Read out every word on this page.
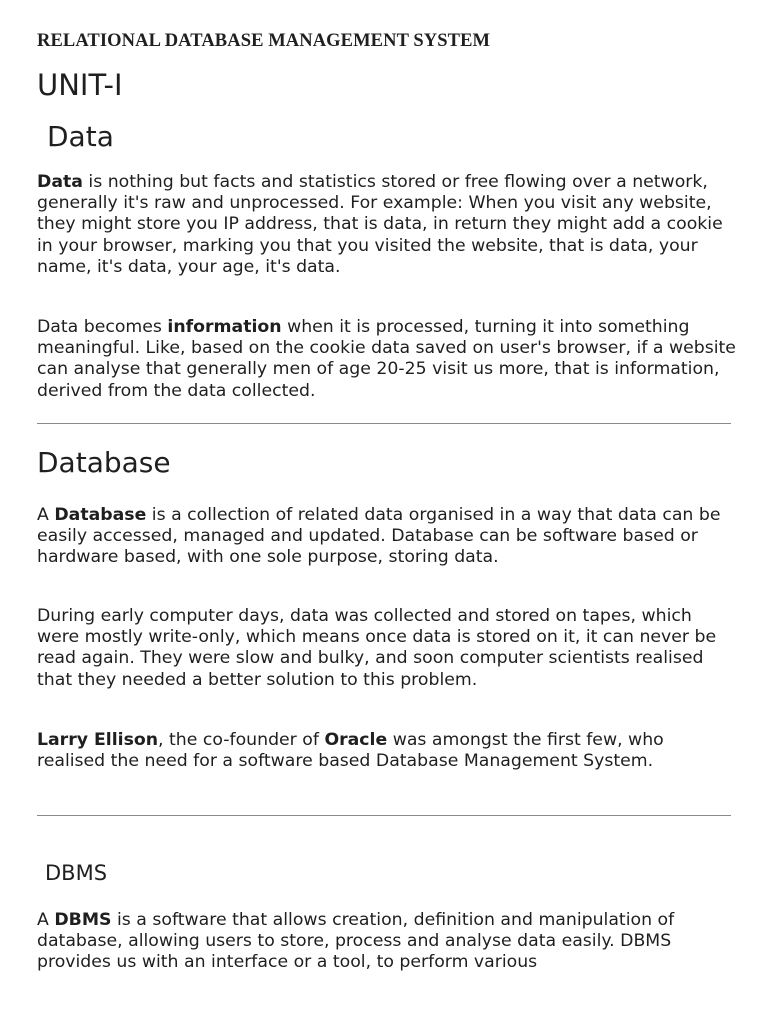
RELATIONAL DATABASE MANAGEMENT SYSTEM
UNIT-I
Data

Data is nothing but facts and statistics stored or free flowing over a network, generally it's raw and unprocessed. For example: When you visit any website, they might store you IP address, that is data, in return they might add a cookie in your browser, marking you that you visited the website, that is data, your name, it's data, your age, it's data.

Data becomes information when it is processed, turning it into something meaningful. Like, based on the cookie data saved on user's browser, if a website can analyse that generally men of age 20-25 visit us more, that is information, derived from the data collected.

Database

A Database is a collection of related data organised in a way that data can be easily accessed, managed and updated. Database can be software based or hardware based, with one sole purpose, storing data.

During early computer days, data was collected and stored on tapes, which were mostly write-only, which means once data is stored on it, it can never be read again. They were slow and bulky, and soon computer scientists realised that they needed a better solution to this problem.

Larry Ellison, the co-founder of Oracle was amongst the first few, who realised the need for a software based Database Management System.

DBMS

A DBMS is a software that allows creation, definition and manipulation of database, allowing users to store, process and analyse data easily. DBMS provides us with an interface or a tool, to perform various
